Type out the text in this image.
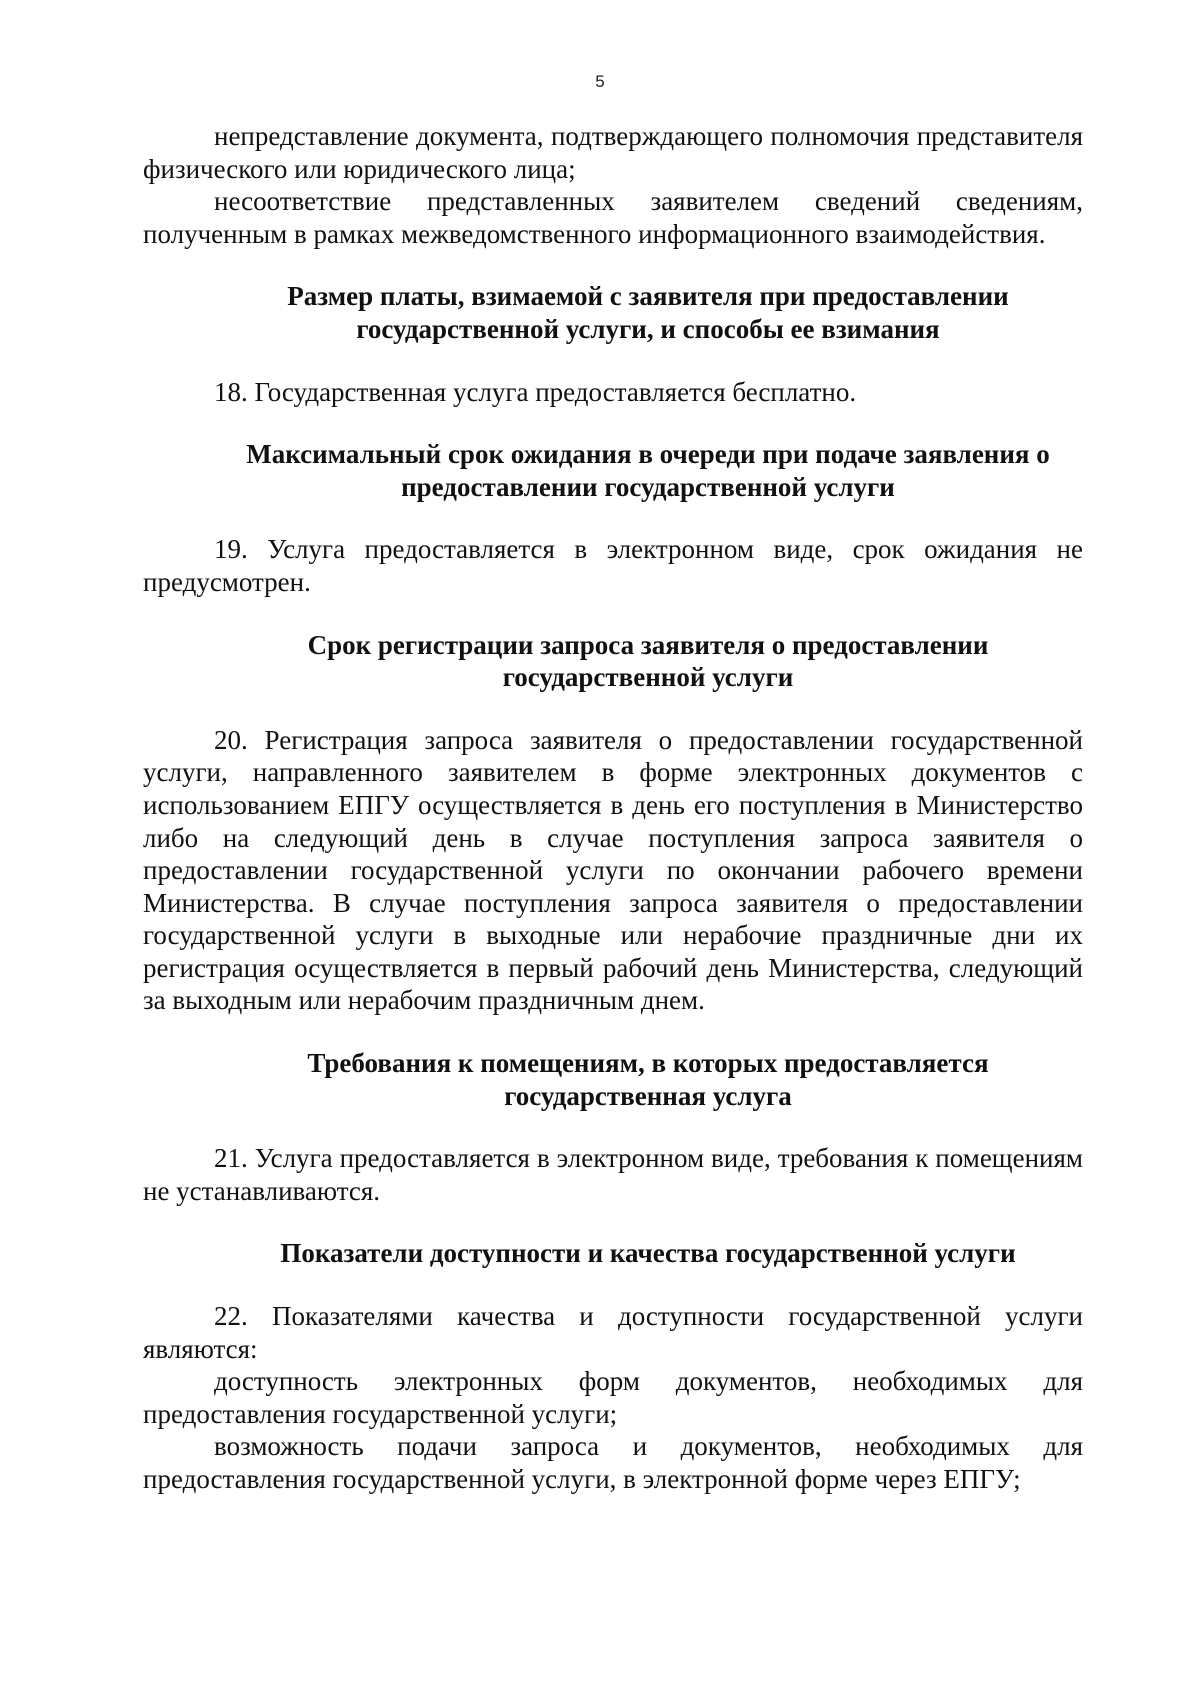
5

непредставление документа, подтверждающего полномочия представителя физического или юридического лица;

несоответствие представленных заявителем сведений сведениям, полученным в рамках межведомственного информационного взаимодействия.

Размер платы, взимаемой с заявителя при предоставлении государственной услуги, и способы ее взимания

18. Государственная услуга предоставляется бесплатно.

Максимальный срок ожидания в очереди при подаче заявления о предоставлении государственной услуги

19. Услуга предоставляется в электронном виде, срок ожидания не предусмотрен.

Срок регистрации запроса заявителя о предоставлении государственной услуги

20. Регистрация запроса заявителя о предоставлении государственной услуги, направленного заявителем в форме электронных документов с использованием ЕПГУ осуществляется в день его поступления в Министерство либо на следующий день в случае поступления запроса заявителя о предоставлении государственной услуги по окончании рабочего времени Министерства. В случае поступления запроса заявителя о предоставлении государственной услуги в выходные или нерабочие праздничные дни их регистрация осуществляется в первый рабочий день Министерства, следующий за выходным или нерабочим праздничным днем.

Требования к помещениям, в которых предоставляется государственная услуга

21. Услуга предоставляется в электронном виде, требования к помещениям не устанавливаются.

Показатели доступности и качества государственной услуги

22. Показателями качества и доступности государственной услуги являются:

доступность электронных форм документов, необходимых для предоставления государственной услуги;

возможность подачи запроса и документов, необходимых для предоставления государственной услуги, в электронной форме через ЕПГУ;
